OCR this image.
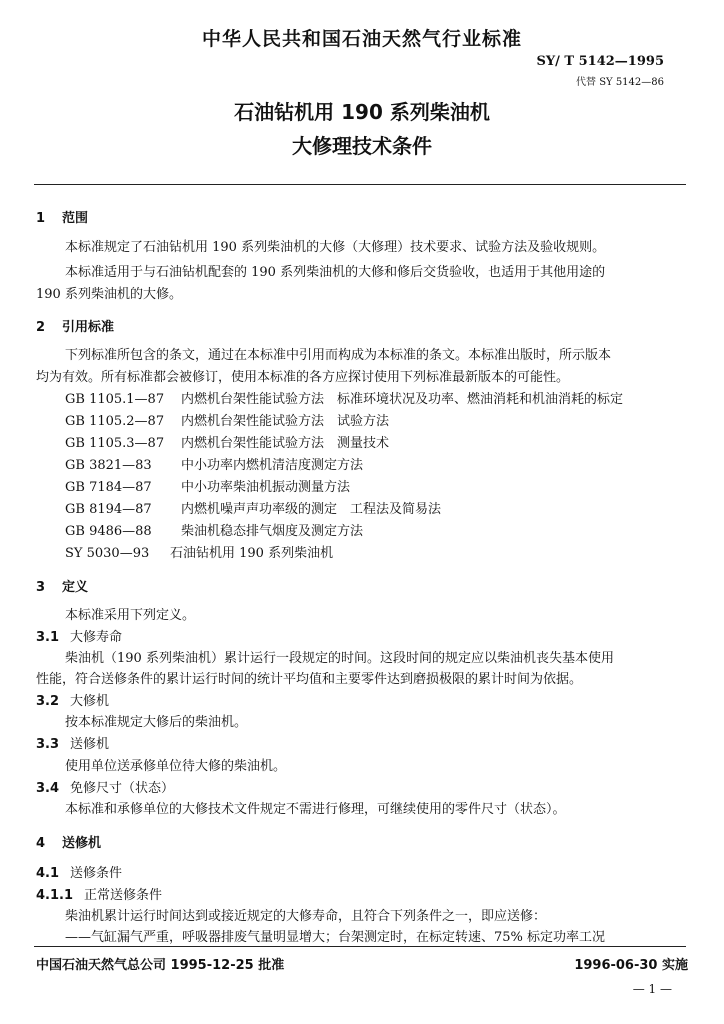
中华人民共和国石油天然气行业标准
SY/ T 5142—1995
代替 SY 5142—86
石油钻机用 190 系列柴油机
大修理技术条件
1 范围
本标准规定了石油钻机用 190 系列柴油机的大修（大修理）技术要求、试验方法及验收规则。
本标准适用于与石油钻机配套的 190 系列柴油机的大修和修后交货验收，也适用于其他用途的
190 系列柴油机的大修。
2 引用标准
下列标准所包含的条文，通过在本标准中引用而构成为本标准的条文。本标准出版时，所示版本
均为有效。所有标准都会被修订，使用本标准的各方应探讨使用下列标准最新版本的可能性。
GB 1105.1—87 内燃机台架性能试验方法　标准环境状况及功率、燃油消耗和机油消耗的标定
GB 1105.2—87 内燃机台架性能试验方法　试验方法
GB 1105.3—87 内燃机台架性能试验方法　测量技术
GB 3821—83 中小功率内燃机清洁度测定方法
GB 7184—87 中小功率柴油机振动测量方法
GB 8194—87 内燃机噪声声功率级的测定　工程法及简易法
GB 9486—88 柴油机稳态排气烟度及测定方法
SY 5030—93 石油钻机用 190 系列柴油机
3 定义
本标准采用下列定义。
3.1 大修寿命
柴油机（190 系列柴油机）累计运行一段规定的时间。这段时间的规定应以柴油机丧失基本使用
性能，符合送修条件的累计运行时间的统计平均值和主要零件达到磨损极限的累计时间为依据。
3.2 大修机
按本标准规定大修后的柴油机。
3.3 送修机
使用单位送承修单位待大修的柴油机。
3.4 免修尺寸（状态）
本标准和承修单位的大修技术文件规定不需进行修理，可继续使用的零件尺寸（状态）。
4 送修机
4.1 送修条件
4.1.1 正常送修条件
柴油机累计运行时间达到或接近规定的大修寿命，且符合下列条件之一，即应送修：
——气缸漏气严重，呼吸器排废气量明显增大；台架测定时，在标定转速、75% 标定功率工况
中国石油天然气总公司 1995-12-25 批准	1996-06-30 实施
— 1 —
